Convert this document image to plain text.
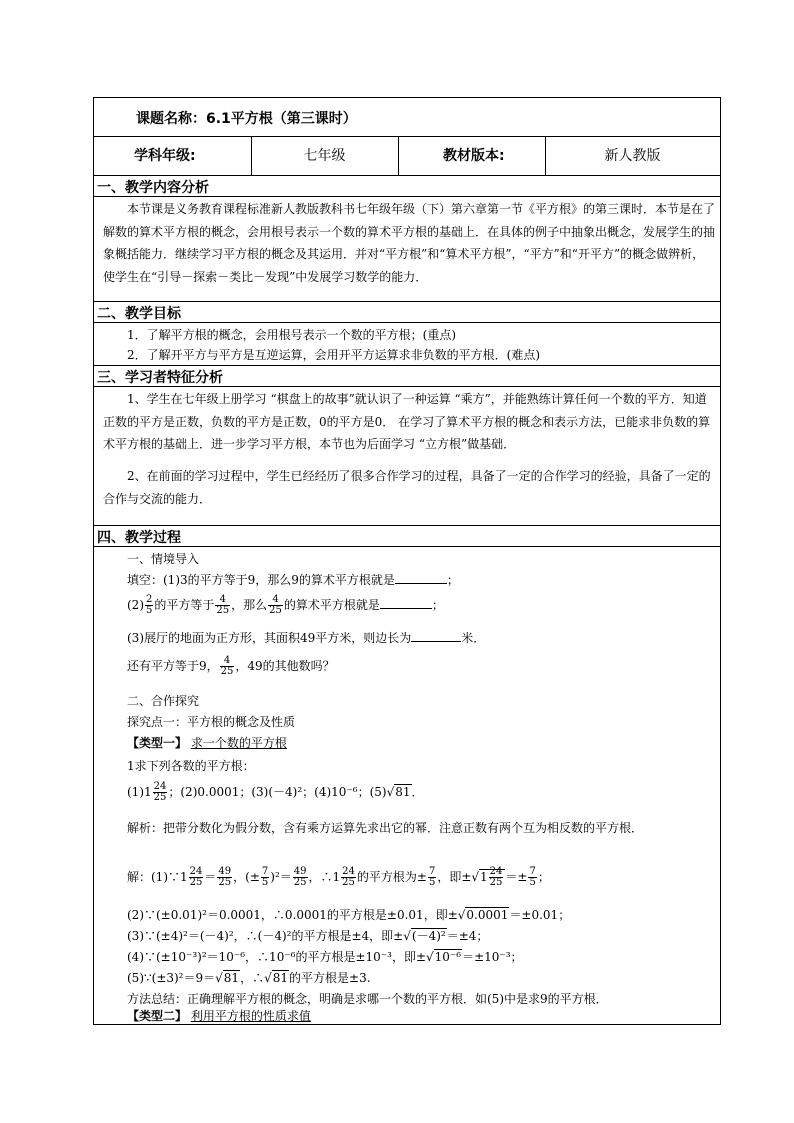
课题名称：6.1平方根（第三课时）
学科年级:	七年级	教材版本:	新人教版
一、教学内容分析
本节课是义务教育课程标准新人教版教科书七年级年级（下）第六章第一节《平方根》的第三课时．本节是在了解数的算术平方根的概念，会用根号表示一个数的算术平方根的基础上．在具体的例子中抽象出概念，发展学生的抽象概括能力．继续学习平方根的概念及其运用．并对“平方根”和“算术平方根”，“平方”和“开平方”的概念做辨析，使学生在“引导－探索－类比－发现”中发展学习数学的能力．
二、教学目标
1．了解平方根的概念，会用根号表示一个数的平方根；(重点)
2．了解开平方与平方是互逆运算，会用开平方运算求非负数的平方根．(难点)
三、学习者特征分析
1、学生在七年级上册学习 “棋盘上的故事”就认识了一种运算 “乘方”，并能熟练计算任何一个数的平方．知道正数的平方是正数，负数的平方是正数，0的平方是0． 在学习了算术平方根的概念和表示方法，已能求非负数的算术平方根的基础上．进一步学习平方根，本节也为后面学习 “立方根”做基础．
2、在前面的学习过程中，学生已经经历了很多合作学习的过程，具备了一定的合作学习的经验，具备了一定的合作与交流的能力．
四、教学过程
一、情境导入
填空：(1)3的平方等于9，那么9的算术平方根就是	；
$(2) \frac{2}{5}$ 的平方等于 $\frac{4}{25}$ ，那么 $\frac{4}{25}$ 的算术平方根就是	；
(3)展厅的地面为正方形，其面积49平方米，则边长为	米．
还有平方等于9， $\frac{4}{25}$ ，49的其他数吗？
二、合作探究
探究点一：平方根的概念及性质
【类型一】 求一个数的平方根
1求下列各数的平方根：
$(1)1 \frac{24}{25}$ ；(2)0.0001；(3)(－4)²；(4)10⁻⁶；(5)√81．
解析：把带分数化为假分数，含有乘方运算先求出它的幂．注意正数有两个互为相反数的平方根．
解：(1)∵1 $\frac{24}{25} = \frac{49}{25}$ ，(± $\frac{7}{5} )^2= \frac{49}{25}$ ，∴1 $\frac{24}{25}$ 的平方根为± $\frac{7}{5}$ ，即$\pm√1 \frac{24}{25} =\pm \frac{7}{5}$ ；
(2)∵(±0.01)²＝0.0001，∴0.0001的平方根是±0.01，即±√0.0001＝±0.01；
(3)∵(±4)²＝(－4)²，∴(－4)²的平方根是±4，即±√(－4)²＝±4；
(4)∵(±10⁻³)²＝10⁻⁶，∴10⁻⁶的平方根是±10⁻³，即±√10⁻⁶＝±10⁻³；
(5)∵(±3)²＝9＝√81，∴√81的平方根是±3.
方法总结：正确理解平方根的概念，明确是求哪一个数的平方根．如(5)中是求9的平方根．
【类型二】 利用平方根的性质求值
